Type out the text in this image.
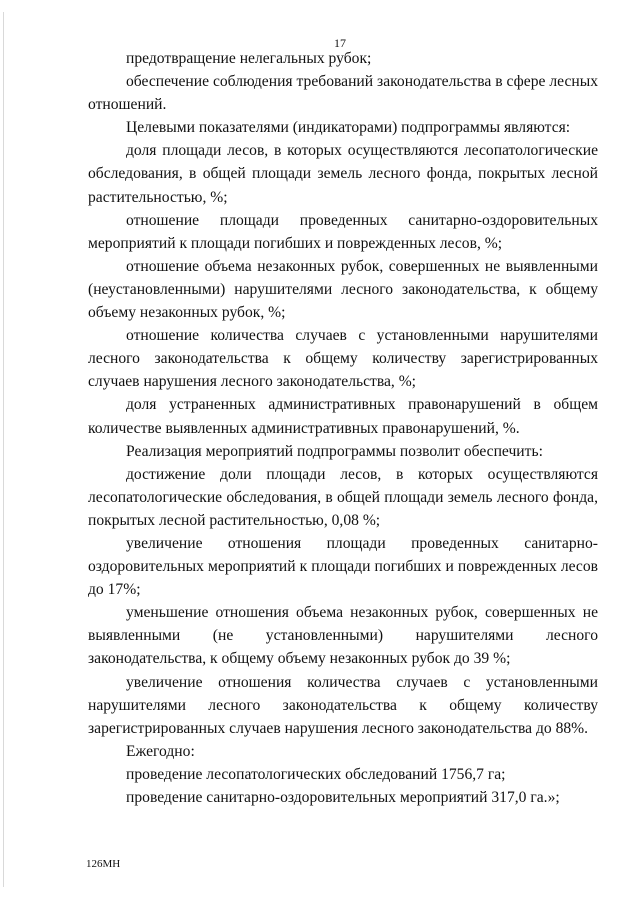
17

предотвращение нелегальных рубок;

обеспечение соблюдения требований законодательства в сфере лесных отношений.

Целевыми показателями (индикаторами) подпрограммы являются:

доля площади лесов, в которых осуществляются лесопатологические обследования, в общей площади земель лесного фонда, покрытых лесной растительностью, %;

отношение площади проведенных санитарно-оздоровительных мероприятий к площади погибших и поврежденных лесов, %;

отношение объема незаконных рубок, совершенных не выявленными (неустановленными) нарушителями лесного законодательства, к общему объему незаконных рубок, %;

отношение количества случаев с установленными нарушителями лесного законодательства к общему количеству зарегистрированных случаев нарушения лесного законодательства, %;

доля устраненных административных правонарушений в общем количестве выявленных административных правонарушений, %.

Реализация мероприятий подпрограммы позволит обеспечить:

достижение доли площади лесов, в которых осуществляются лесопатологические обследования, в общей площади земель лесного фонда, покрытых лесной растительностью, 0,08 %;

увеличение отношения площади проведенных санитарно-оздоровительных мероприятий к площади погибших и поврежденных лесов до 17%;

уменьшение отношения объема незаконных рубок, совершенных не выявленными (не установленными) нарушителями лесного законодательства, к общему объему незаконных рубок до 39 %;

увеличение отношения количества случаев с установленными нарушителями лесного законодательства к общему количеству зарегистрированных случаев нарушения лесного законодательства до 88%.

Ежегодно:

проведение лесопатологических обследований 1756,7 га;

проведение санитарно-оздоровительных мероприятий 317,0 га.»;

126МН
